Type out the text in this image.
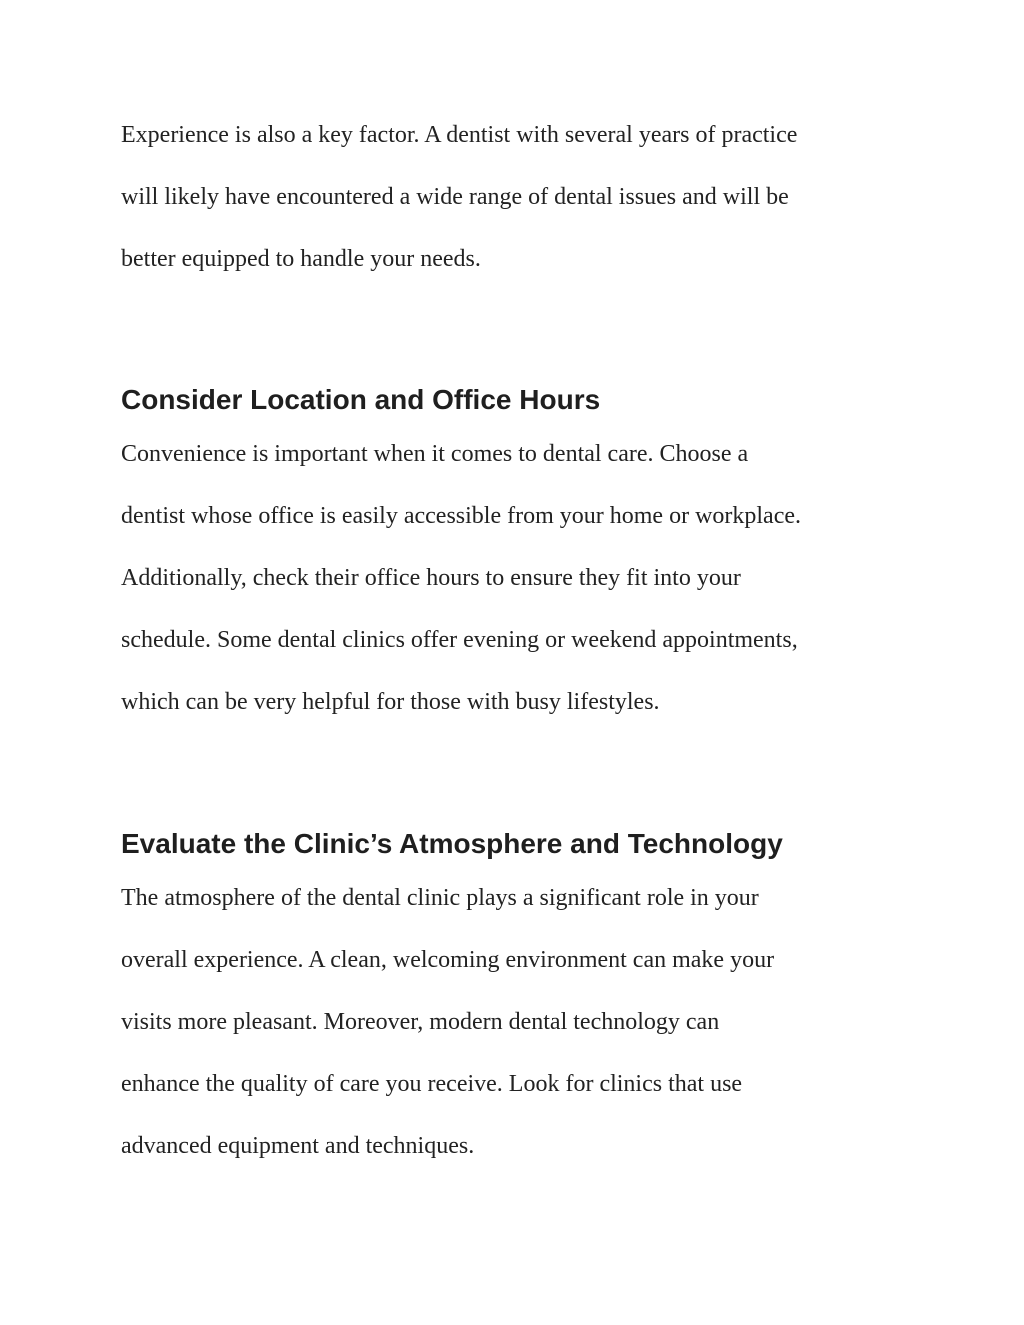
Experience is also a key factor. A dentist with several years of practice
will likely have encountered a wide range of dental issues and will be
better equipped to handle your needs.
Consider Location and Office Hours
Convenience is important when it comes to dental care. Choose a
dentist whose office is easily accessible from your home or workplace.
Additionally, check their office hours to ensure they fit into your
schedule. Some dental clinics offer evening or weekend appointments,
which can be very helpful for those with busy lifestyles.
Evaluate the Clinic’s Atmosphere and Technology
The atmosphere of the dental clinic plays a significant role in your
overall experience. A clean, welcoming environment can make your
visits more pleasant. Moreover, modern dental technology can
enhance the quality of care you receive. Look for clinics that use
advanced equipment and techniques.
